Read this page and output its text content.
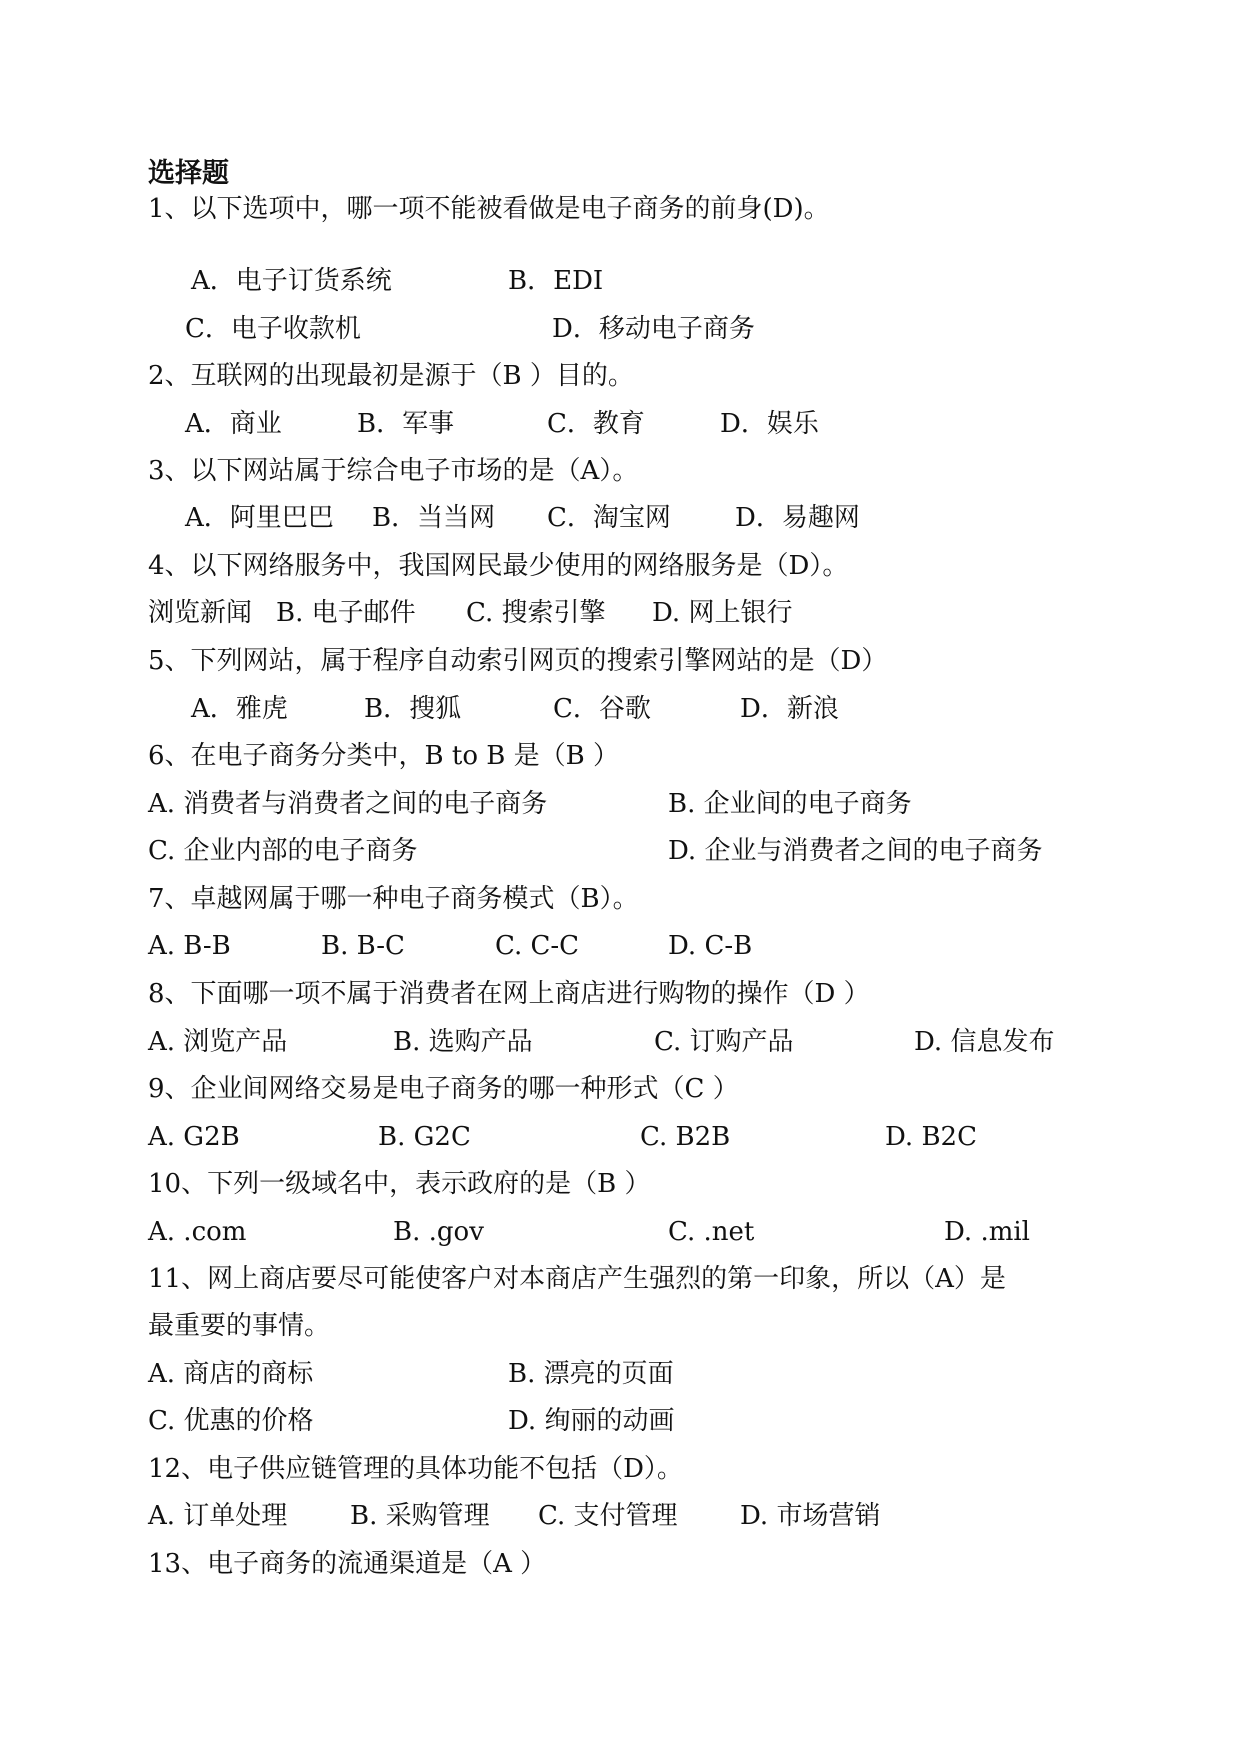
选择题
1、以下选项中，哪一项不能被看做是电子商务的前身(D)。
A．电子订货系统	B．EDI
C．电子收款机	D．移动电子商务
2、互联网的出现最初是源于（B ）目的。
A．商业	B．军事	C．教育	D．娱乐
3、以下网站属于综合电子市场的是（A）。
A．阿里巴巴 B．当当网 C．淘宝网 D．易趣网
4、以下网络服务中，我国网民最少使用的网络服务是（D）。
浏览新闻 B. 电子邮件 C. 搜索引擎 D. 网上银行
5、下列网站，属于程序自动索引网页的搜索引擎网站的是（D）
A．雅虎	B．搜狐	C．谷歌	D．新浪
6、在电子商务分类中，B to B 是（B ）
A. 消费者与消费者之间的电子商务	B. 企业间的电子商务
C. 企业内部的电子商务	D. 企业与消费者之间的电子商务
7、卓越网属于哪一种电子商务模式（B）。
A. B-B	B. B-C	C. C-C	D. C-B
8、下面哪一项不属于消费者在网上商店进行购物的操作（D ）
A. 浏览产品	B. 选购产品	C. 订购产品	D. 信息发布
9、企业间网络交易是电子商务的哪一种形式（C ）
A. G2B	B. G2C	C. B2B	D. B2C
10、下列一级域名中，表示政府的是（B ）
A. .com	B. .gov	C. .net	D. .mil
11、网上商店要尽可能使客户对本商店产生强烈的第一印象，所以（A）是
最重要的事情。
A. 商店的商标	B. 漂亮的页面
C. 优惠的价格	D. 绚丽的动画
12、电子供应链管理的具体功能不包括（D）。
A. 订单处理 B. 采购管理 C. 支付管理 D. 市场营销
13、电子商务的流通渠道是（A ）
